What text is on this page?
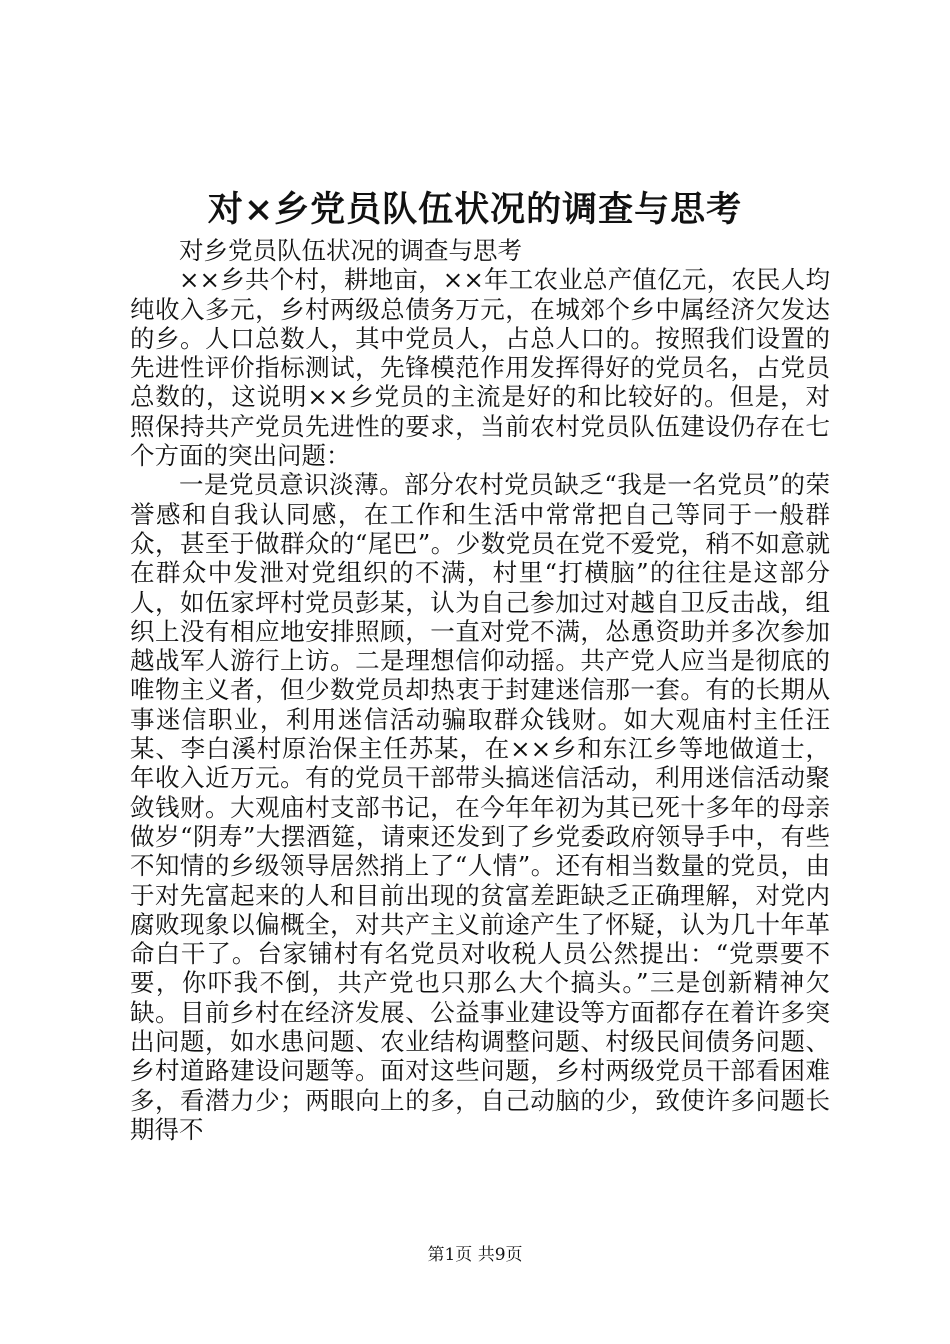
对×乡党员队伍状况的调查与思考

对乡党员队伍状况的调查与思考

××乡共个村，耕地亩，××年工农业总产值亿元，农民人均纯收入多元，乡村两级总债务万元，在城郊个乡中属经济欠发达的乡。人口总数人，其中党员人，占总人口的。按照我们设置的先进性评价指标测试，先锋模范作用发挥得好的党员名，占党员总数的，这说明××乡党员的主流是好的和比较好的。但是，对照保持共产党员先进性的要求，当前农村党员队伍建设仍存在七个方面的突出问题：

一是党员意识淡薄。部分农村党员缺乏“我是一名党员”的荣誉感和自我认同感，在工作和生活中常常把自己等同于一般群众，甚至于做群众的“尾巴”。少数党员在党不爱党，稍不如意就在群众中发泄对党组织的不满，村里“打横脑”的往往是这部分人，如伍家坪村党员彭某，认为自己参加过对越自卫反击战，组织上没有相应地安排照顾，一直对党不满，怂恿资助并多次参加越战军人游行上访。二是理想信仰动摇。共产党人应当是彻底的唯物主义者，但少数党员却热衷于封建迷信那一套。有的长期从事迷信职业，利用迷信活动骗取群众钱财。如大观庙村主任汪某、李白溪村原治保主任苏某，在××乡和东江乡等地做道士，年收入近万元。有的党员干部带头搞迷信活动，利用迷信活动聚敛钱财。大观庙村支部书记，在今年年初为其已死十多年的母亲做岁“阴寿”大摆酒筵，请柬还发到了乡党委政府领导手中，有些不知情的乡级领导居然捎上了“人情”。还有相当数量的党员，由于对先富起来的人和目前出现的贫富差距缺乏正确理解，对党内腐败现象以偏概全，对共产主义前途产生了怀疑，认为几十年革命白干了。台家铺村有名党员对收税人员公然提出：“党票要不要，你吓我不倒，共产党也只那么大个搞头。”三是创新精神欠缺。目前乡村在经济发展、公益事业建设等方面都存在着许多突出问题，如水患问题、农业结构调整问题、村级民间债务问题、乡村道路建设问题等。面对这些问题，乡村两级党员干部看困难多，看潜力少；两眼向上的多，自己动脑的少，致使许多问题长期得不

第1页 共9页
